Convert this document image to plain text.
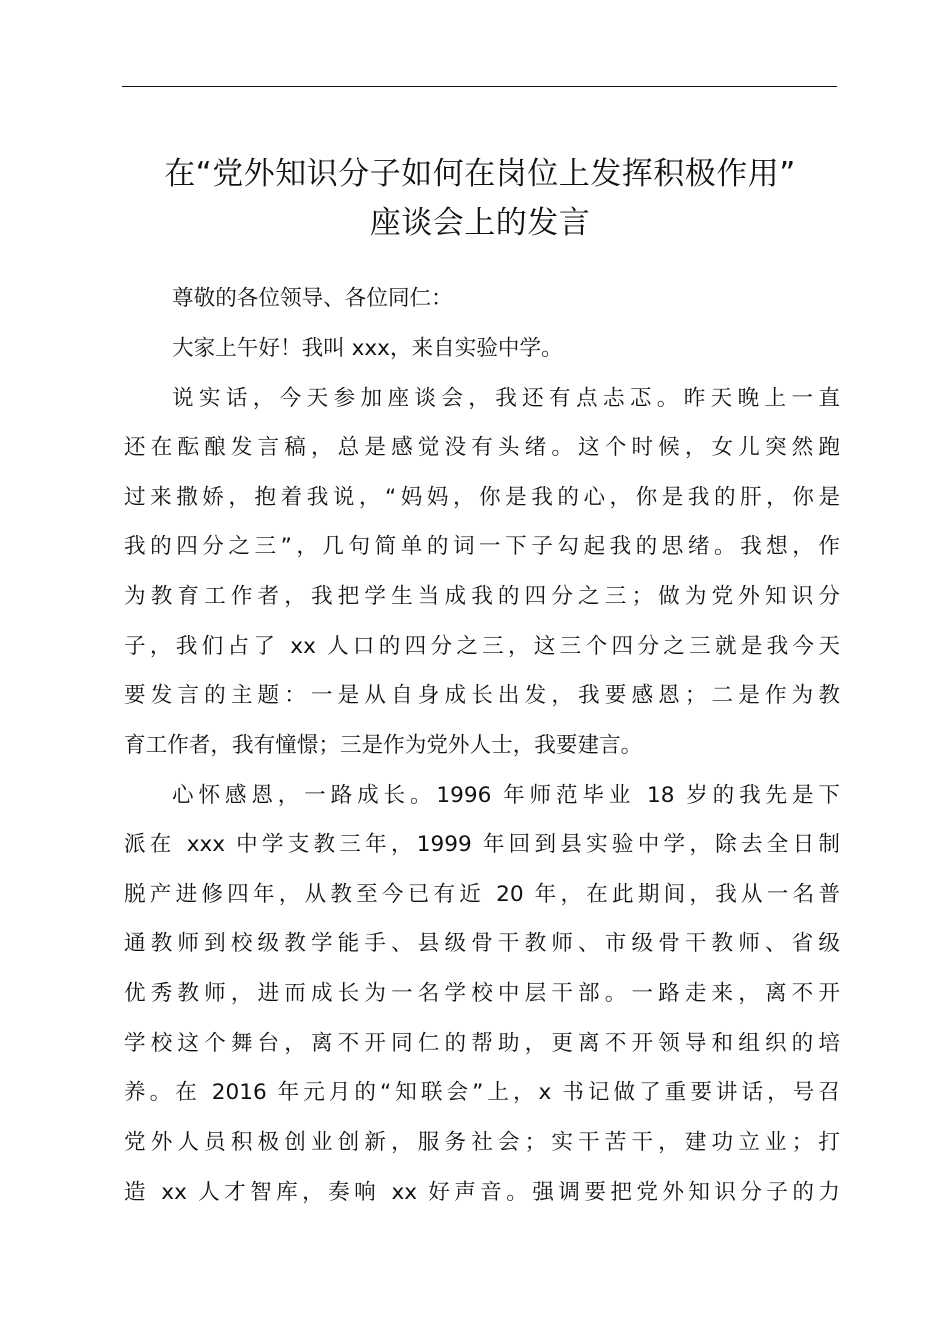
在“党外知识分子如何在岗位上发挥积极作用”
座谈会上的发言
尊敬的各位领导、各位同仁：
大家上午好！我叫 xxx，来自实验中学。
说实话，今天参加座谈会，我还有点忐忑。昨天晚上一直
还在酝酿发言稿，总是感觉没有头绪。这个时候，女儿突然跑
过来撒娇，抱着我说，“妈妈，你是我的心，你是我的肝，你是
我的四分之三”，几句简单的词一下子勾起我的思绪。我想，作
为教育工作者，我把学生当成我的四分之三；做为党外知识分
子，我们占了 xx 人口的四分之三，这三个四分之三就是我今天
要发言的主题：一是从自身成长出发，我要感恩；二是作为教
育工作者，我有憧憬；三是作为党外人士，我要建言。
心怀感恩，一路成长。1996 年师范毕业 18 岁的我先是下
派在 xxx 中学支教三年，1999 年回到县实验中学，除去全日制
脱产进修四年，从教至今已有近 20 年，在此期间，我从一名普
通教师到校级教学能手、县级骨干教师、市级骨干教师、省级
优秀教师，进而成长为一名学校中层干部。一路走来，离不开
学校这个舞台，离不开同仁的帮助，更离不开领导和组织的培
养。在 2016 年元月的“知联会”上，x 书记做了重要讲话，号召
党外人员积极创业创新，服务社会；实干苦干，建功立业；打
造 xx 人才智库，奏响 xx 好声音。强调要把党外知识分子的力
